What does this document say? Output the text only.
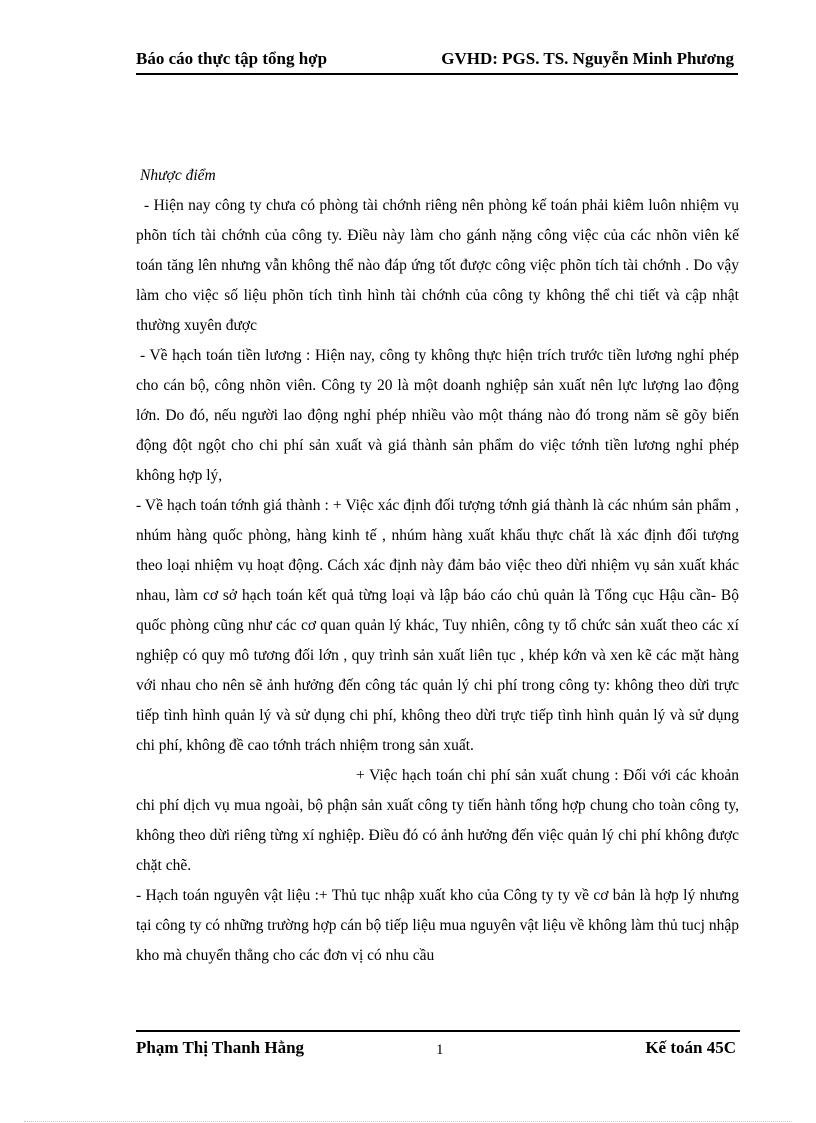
Báo cáo thực tập tổng hợp	GVHD: PGS. TS. Nguyễn Minh Phương

Nhược điểm

- Hiện nay công ty chưa có phòng tài chớnh riêng nên phòng kế toán phải kiêm luôn nhiệm vụ phõn tích tài chớnh của công ty. Điều này làm cho gánh nặng công việc của các nhõn viên kế toán tăng lên nhưng vẫn không thể nào đáp ứng tốt được công việc phõn tích tài chớnh . Do vậy làm cho việc số liệu phõn tích tình hình tài chớnh của công ty không thể chi tiết và cập nhật thường xuyên được

- Về hạch toán tiền lương : Hiện nay, công ty không thực hiện trích trước tiền lương nghỉ phép cho cán bộ, công nhõn viên. Công ty 20 là một doanh nghiệp sản xuất nên lực lượng lao động lớn. Do đó, nếu người lao động nghỉ phép nhiều vào một tháng nào đó trong năm sẽ gõy biến động đột ngột cho chi phí sản xuất và giá thành sản phẩm do việc tớnh tiền lương nghỉ phép không hợp lý,

- Về hạch toán tớnh giá thành : + Việc xác định đối tượng tớnh giá thành là các nhúm sản phẩm , nhúm hàng quốc phòng, hàng kinh tế , nhúm hàng xuất khẩu thực chất là xác định đối tượng theo loại nhiệm vụ hoạt động. Cách xác định này đảm bảo việc theo dừi nhiệm vụ sản xuất khác nhau, làm cơ sở hạch toán kết quả từng loại và lập báo cáo chủ quản là Tổng cục Hậu cần- Bộ quốc phòng cũng như các cơ quan quản lý khác, Tuy nhiên, công ty tổ chức sản xuất theo các xí nghiệp có quy mô tương đối lớn , quy trình sản xuất liên tục , khép kớn và xen kẽ các mặt hàng với nhau cho nên sẽ ảnh hưởng đến công tác quản lý chi phí trong công ty: không theo dừi trực tiếp tình hình quản lý và sử dụng chi phí, không theo dừi trực tiếp tình hình quản lý và sử dụng chi phí, không đề cao tớnh trách nhiệm trong sản xuất.

+ Việc hạch toán chi phí sản xuất chung : Đối với các khoản chi phí dịch vụ mua ngoài, bộ phận sản xuất công ty tiến hành tổng hợp chung cho toàn công ty, không theo dừi riêng từng xí nghiệp. Điều đó có ảnh hưởng đến việc quản lý chi phí không được chặt chẽ.

- Hạch toán nguyên vật liệu :+ Thủ tục nhập xuất kho của Công ty ty về cơ bản là hợp lý nhưng tại công ty có những trường hợp cán bộ tiếp liệu mua nguyên vật liệu về không làm thủ tucj nhập kho mà chuyển thẳng cho các đơn vị có nhu cầu

Phạm Thị Thanh Hằng	1	Kế toán 45C
